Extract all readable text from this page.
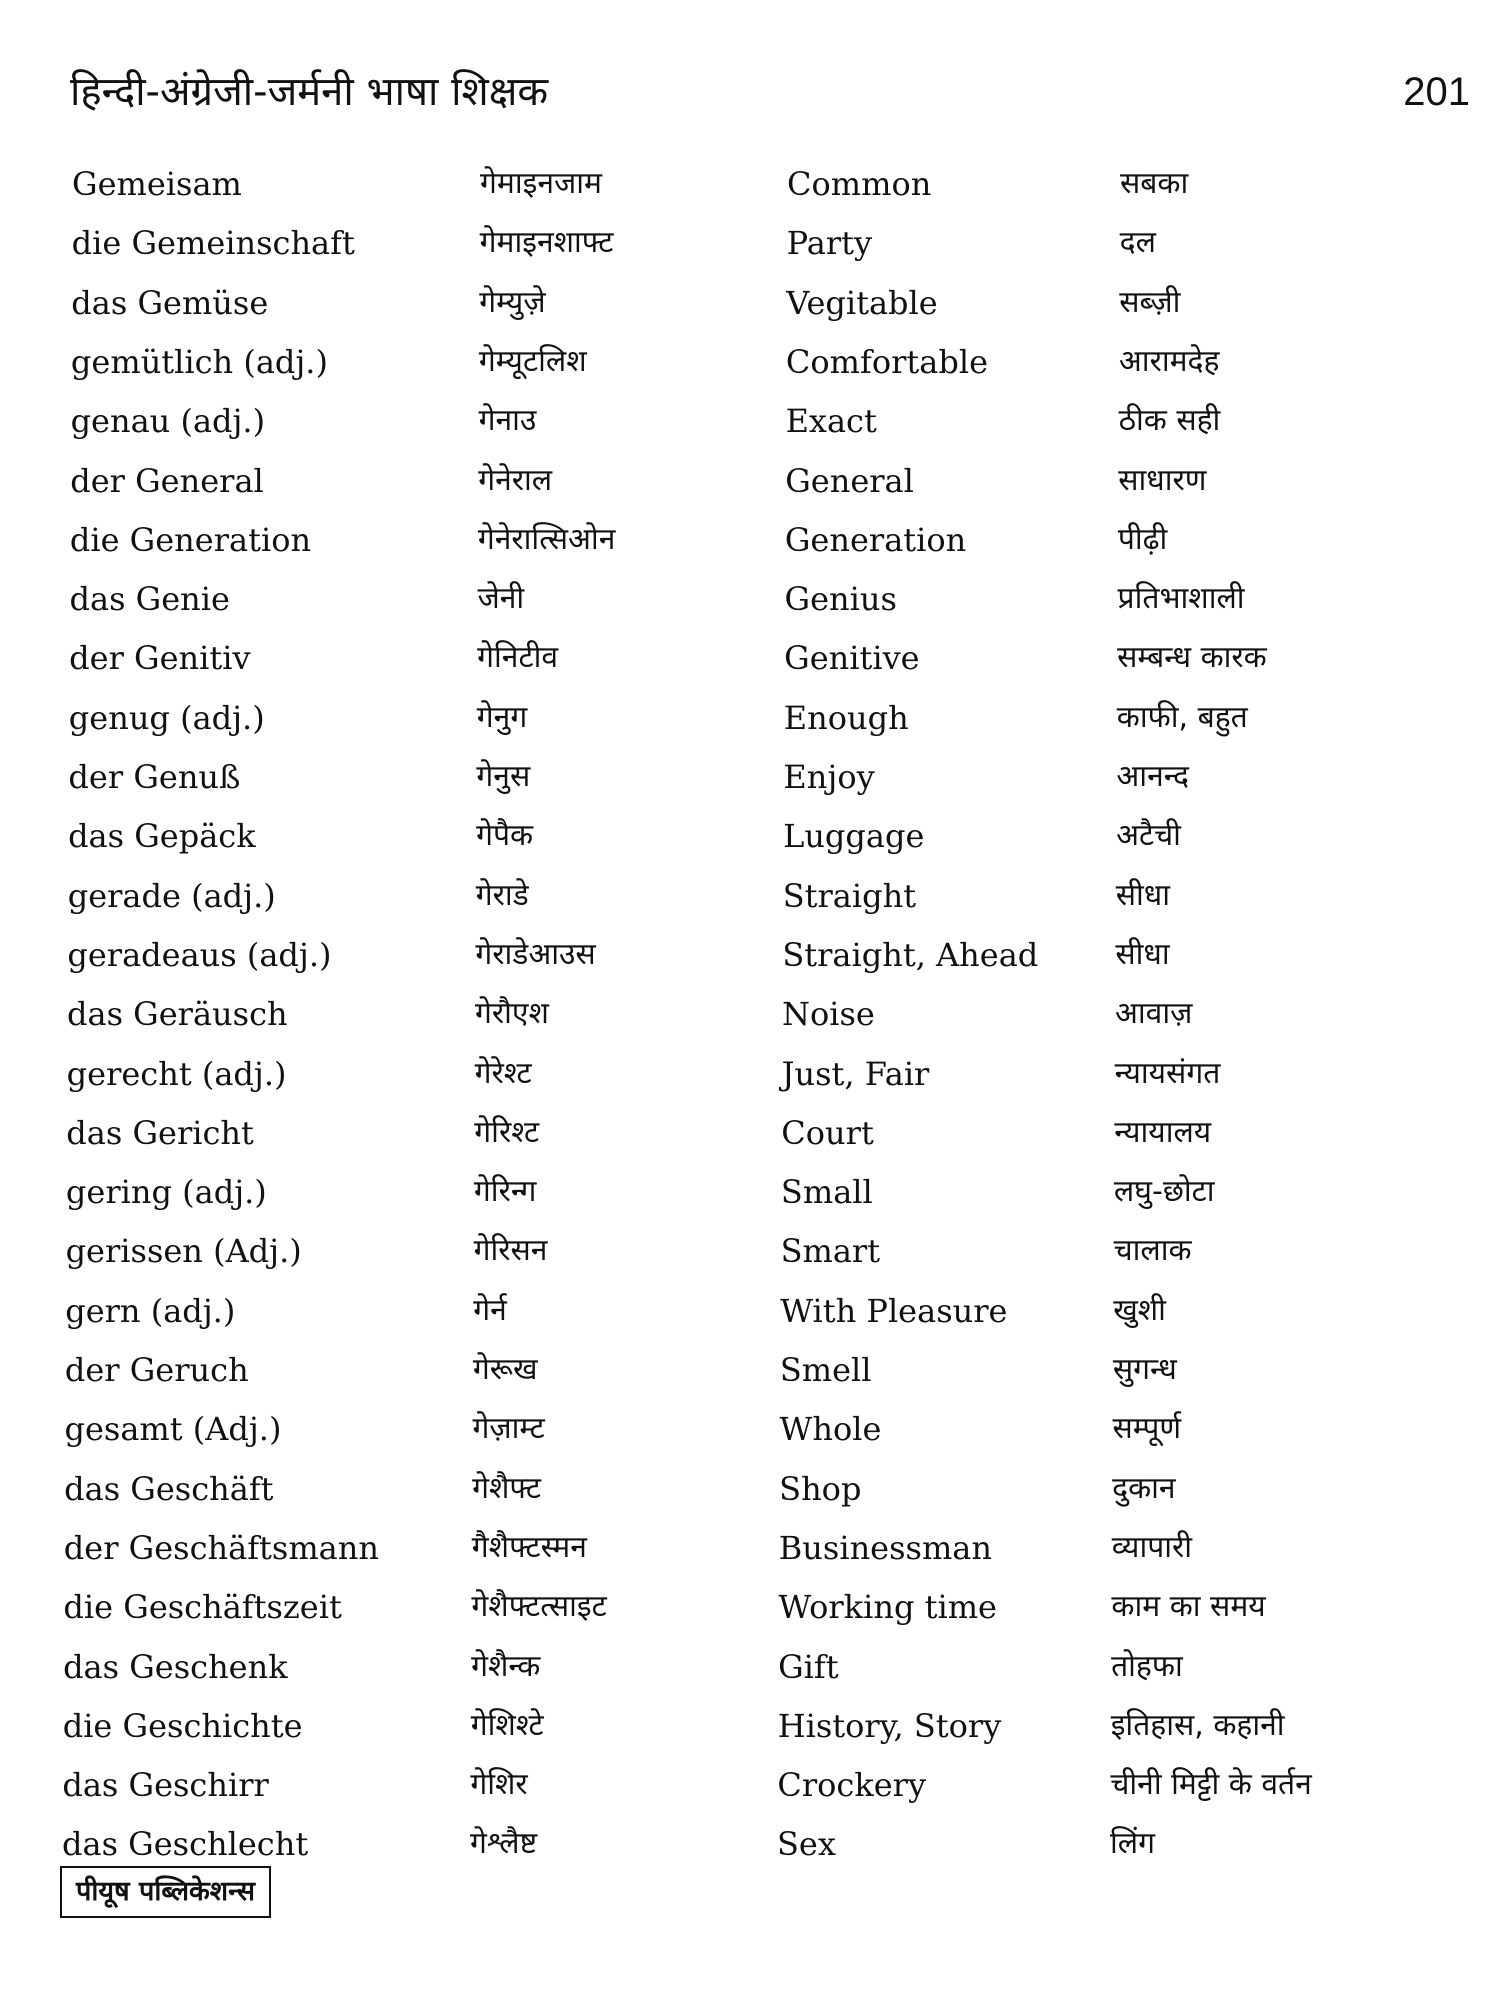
हिन्दी-अंग्रेजी-जर्मनी भाषा शिक्षक	201
Gemeisam	गेमाइनजाम	Common	सबका
die Gemeinschaft	गेमाइनशाफ्ट	Party	दल
das Gemüse	गेम्युज़े	Vegitable	सब्ज़ी
gemütlich (adj.)	गेम्यूटलिश	Comfortable	आरामदेह
genau (adj.)	गेनाउ	Exact	ठीक सही
der General	गेनेराल	General	साधारण
die Generation	गेनेरात्सिओन	Generation	पीढ़ी
das Genie	जेनी	Genius	प्रतिभाशाली
der Genitiv	गेनिटीव	Genitive	सम्बन्ध कारक
genug (adj.)	गेनुग	Enough	काफी, बहुत
der Genuß	गेनुस	Enjoy	आनन्द
das Gepäck	गेपैक	Luggage	अटैची
gerade (adj.)	गेराडे	Straight	सीधा
geradeaus (adj.)	गेराडेआउस	Straight, Ahead	सीधा
das Geräusch	गेरौएश	Noise	आवाज़
gerecht (adj.)	गेरेश्ट	Just, Fair	न्यायसंगत
das Gericht	गेरिश्ट	Court	न्यायालय
gering (adj.)	गेरिन्ग	Small	लघु-छोटा
gerissen (Adj.)	गेरिसन	Smart	चालाक
gern (adj.)	गेर्न	With Pleasure	खुशी
der Geruch	गेरूख	Smell	सुगन्ध
gesamt (Adj.)	गेज़ाम्ट	Whole	सम्पूर्ण
das Geschäft	गेशैफ्ट	Shop	दुकान
der Geschäftsmann	गैशैफ्टस्मन	Businessman	व्यापारी
die Geschäftszeit	गेशैफ्टत्साइट	Working time	काम का समय
das Geschenk	गेशैन्क	Gift	तोहफा
die Geschichte	गेशिश्टे	History, Story	इतिहास, कहानी
das Geschirr	गेशिर	Crockery	चीनी मिट्टी के वर्तन
das Geschlecht	गेश्लैष्ट	Sex	लिंग
पीयूष पब्लिकेशन्स
